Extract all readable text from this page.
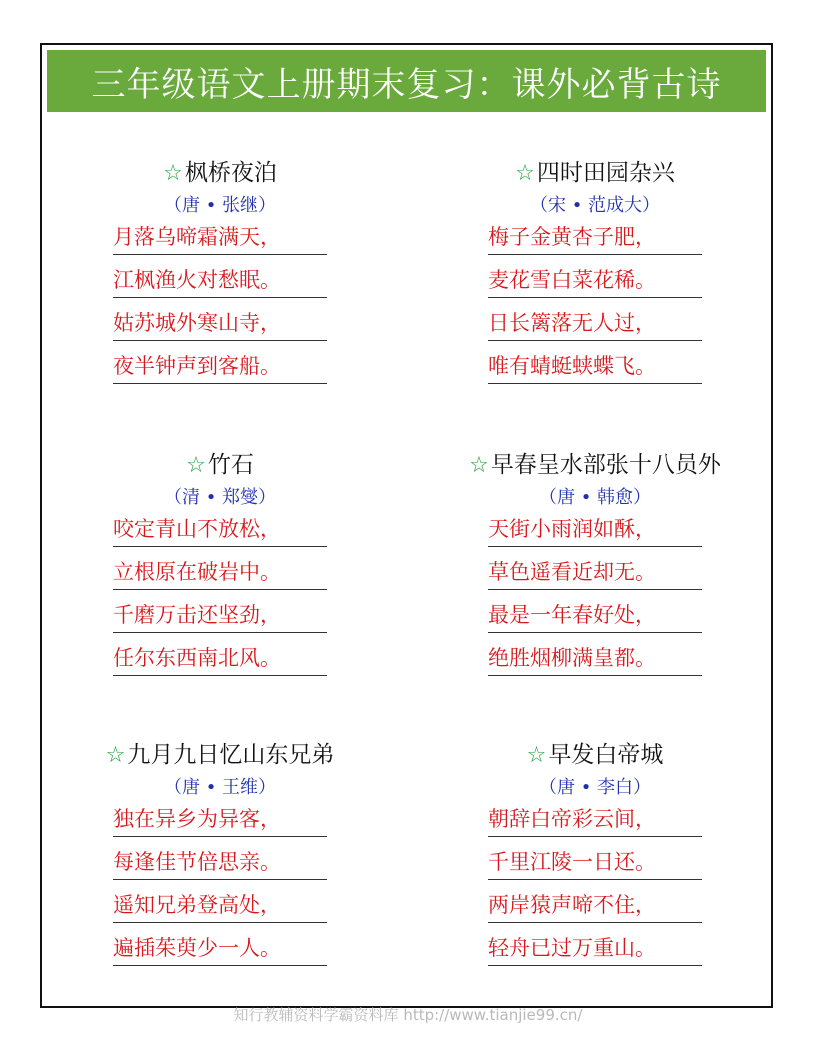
三年级语文上册期末复习：课外必背古诗
☆枫桥夜泊
（唐 • 张继）
月落乌啼霜满天，
江枫渔火对愁眠。
姑苏城外寒山寺，
夜半钟声到客船。
☆四时田园杂兴
（宋 • 范成大）
梅子金黄杏子肥，
麦花雪白菜花稀。
日长篱落无人过，
唯有蜻蜓蛱蝶飞。
☆竹石
（清 • 郑燮）
咬定青山不放松，
立根原在破岩中。
千磨万击还坚劲，
任尔东西南北风。
☆早春呈水部张十八员外
（唐 • 韩愈）
天街小雨润如酥，
草色遥看近却无。
最是一年春好处，
绝胜烟柳满皇都。
☆九月九日忆山东兄弟
（唐 • 王维）
独在异乡为异客，
每逢佳节倍思亲。
遥知兄弟登高处，
遍插茱萸少一人。
☆早发白帝城
（唐 • 李白）
朝辞白帝彩云间，
千里江陵一日还。
两岸猿声啼不住，
轻舟已过万重山。
知行教辅资料学霸资料库 http://www.tianjie99.cn/
